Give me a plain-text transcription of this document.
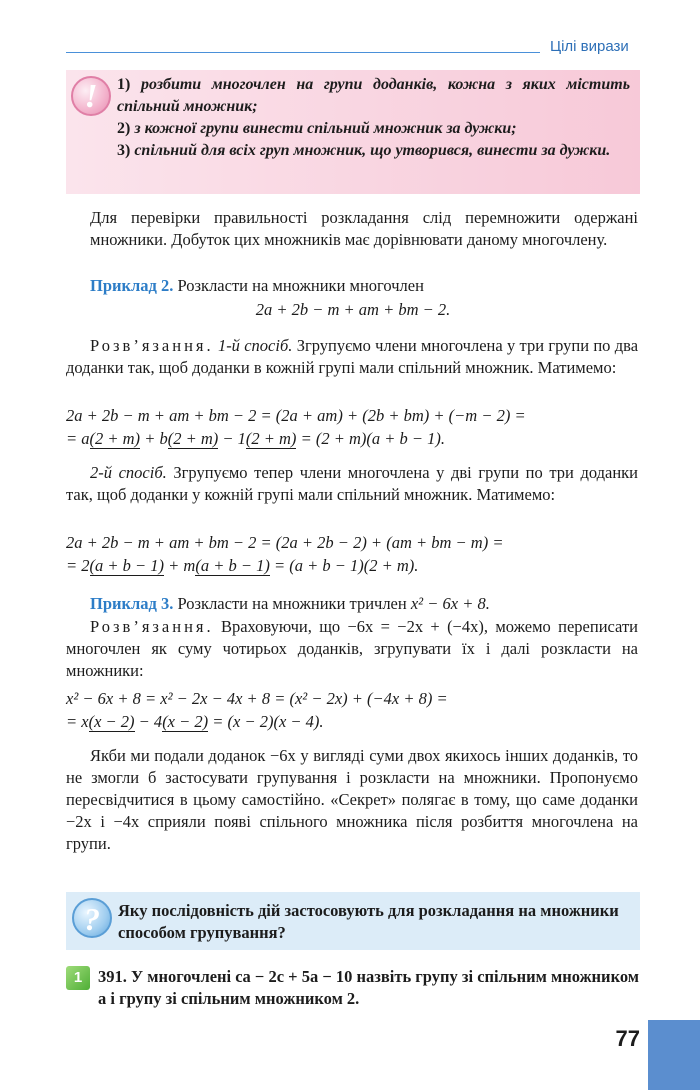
Цілі вирази
!	1) розбити многочлен на групи доданків, кожна з яких містить спільний множник;
2) з кожної групи винести спільний множник за дужки;
3) спільний для всіх груп множник, що утворився, винести за дужки.
Для перевірки правильності розкладання слід перемножити одержані множники. Добуток цих множників має дорівнювати даному многочлену.
Приклад 2. Розкласти на множники многочлен
2a + 2b − m + am + bm − 2.
Розв’язання. 1-й спосіб. Згрупуємо члени многочлена у три групи по два доданки так, щоб доданки в кожній групі мали спільний множник. Матимемо:
2a + 2b − m + am + bm − 2 = (2a + am) + (2b + bm) + (−m − 2) =
= a(2 + m) + b(2 + m) − 1(2 + m) = (2 + m)(a + b − 1).
2-й спосіб. Згрупуємо тепер члени многочлена у дві групи по три доданки так, щоб доданки у кожній групі мали спільний множник. Матимемо:
2a + 2b − m + am + bm − 2 = (2a + 2b − 2) + (am + bm − m) =
= 2(a + b − 1) + m(a + b − 1) = (a + b − 1)(2 + m).
Приклад 3. Розкласти на множники тричлен x² − 6x + 8.
Розв’язання. Враховуючи, що −6x = −2x + (−4x), можемо переписати многочлен як суму чотирьох доданків, згрупувати їх і далі розкласти на множники:
x² − 6x + 8 = x² − 2x − 4x + 8 = (x² − 2x) + (−4x + 8) =
= x(x − 2) − 4(x − 2) = (x − 2)(x − 4).
Якби ми подали доданок −6x у вигляді суми двох якихось інших доданків, то не змогли б застосувати групування і розкласти на множники. Пропонуємо пересвідчитися в цьому самостійно. «Секрет» полягає в тому, що саме доданки −2x і −4x сприяли появі спільного множника після розбиття многочлена на групи.
?	Яку послідовність дій застосовують для розкладання на множники способом групування?
1 391. У многочлені ca − 2c + 5a − 10 назвіть групу зі спільним множником a і групу зі спільним множником 2.
77
